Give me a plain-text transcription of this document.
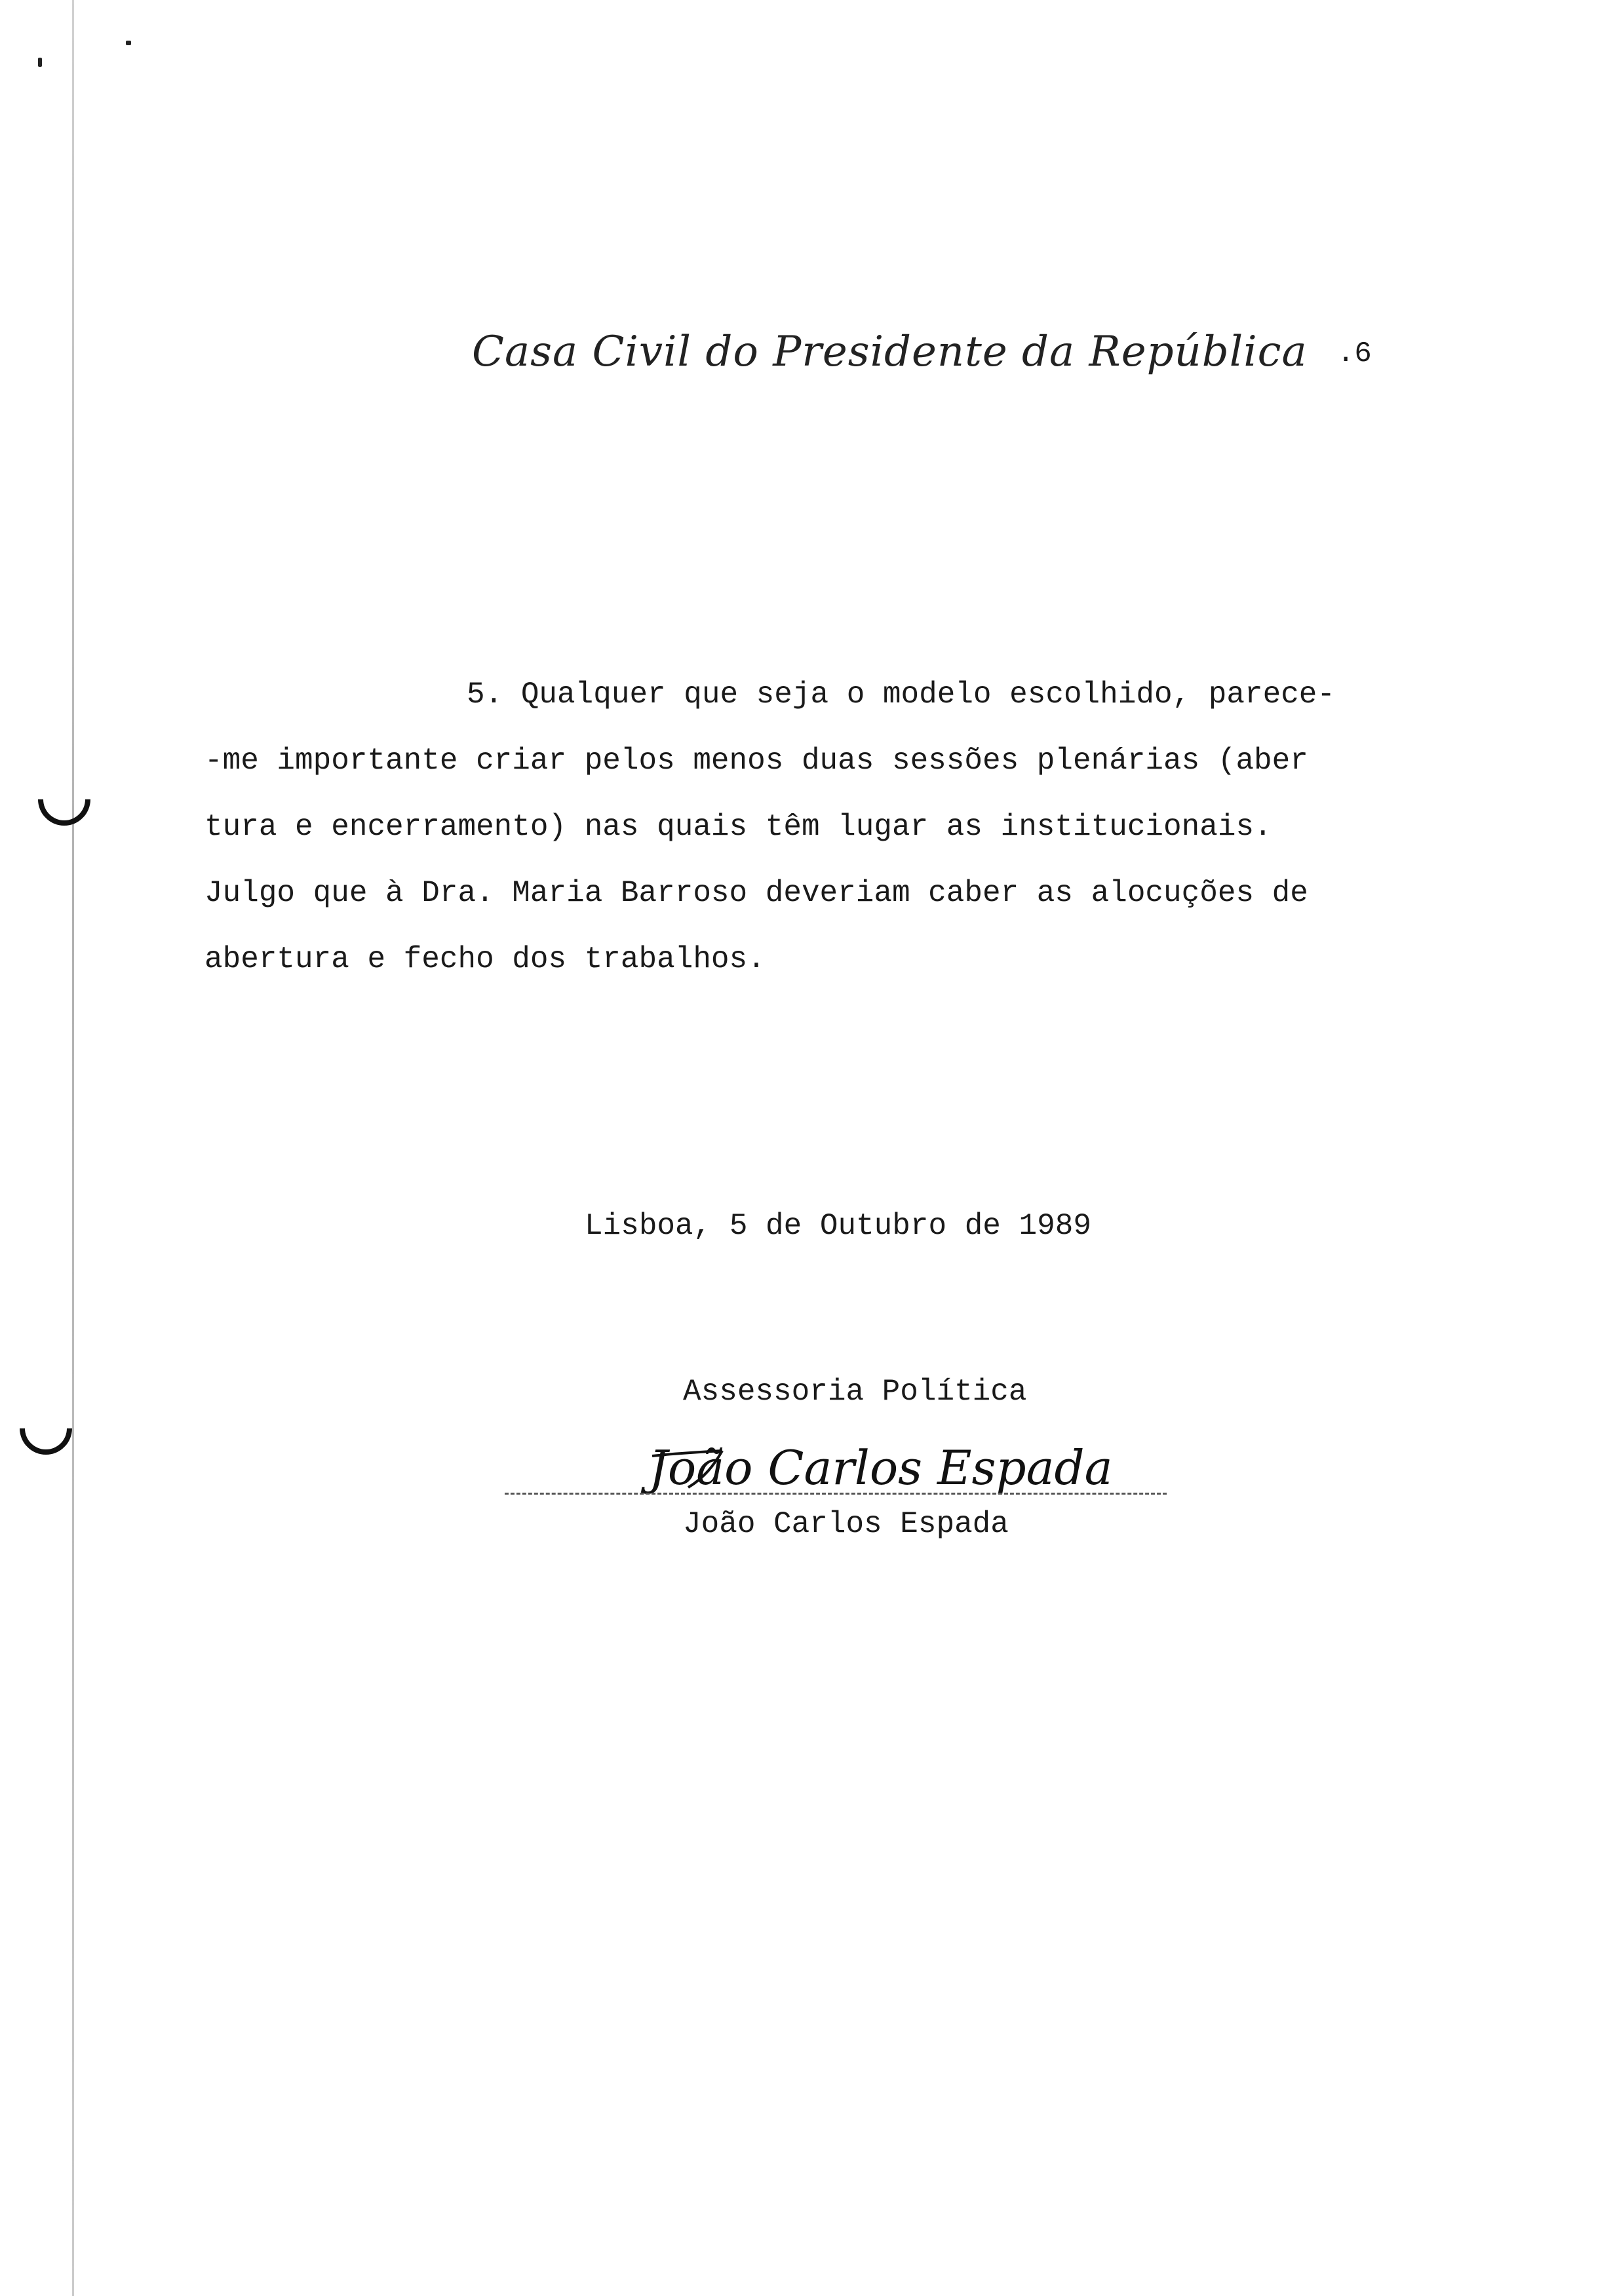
Casa Civil do Presidente da República .6
5. Qualquer que seja o modelo escolhido, parece-
-me importante criar pelos menos duas sessões plenárias (aber
tura e encerramento) nas quais têm lugar as institucionais.
Julgo que à Dra. Maria Barroso deveriam caber as alocuções de
abertura e fecho dos trabalhos.
Lisboa, 5 de Outubro de 1989
Assessoria Política
João Carlos Espada
João Carlos Espada
